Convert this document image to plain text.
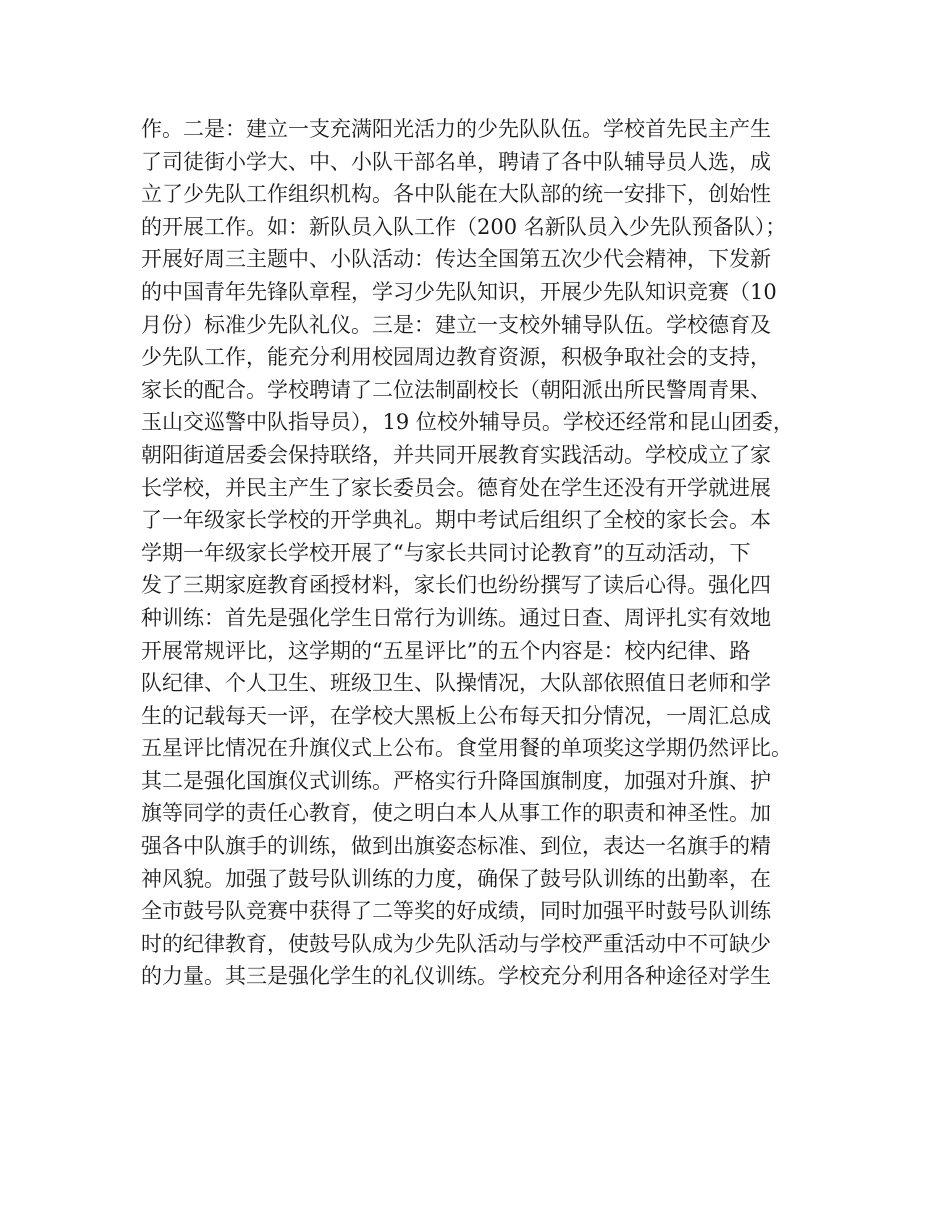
作。二是：建立一支充满阳光活力的少先队队伍。学校首先民主产生
了司徒街小学大、中、小队干部名单，聘请了各中队辅导员人选，成
立了少先队工作组织机构。各中队能在大队部的统一安排下，创始性
的开展工作。如：新队员入队工作（200 名新队员入少先队预备队）；
开展好周三主题中、小队活动：传达全国第五次少代会精神，下发新
的中国青年先锋队章程，学习少先队知识，开展少先队知识竞赛（10
月份）标准少先队礼仪。三是：建立一支校外辅导队伍。学校德育及
少先队工作，能充分利用校园周边教育资源，积极争取社会的支持，
家长的配合。学校聘请了二位法制副校长（朝阳派出所民警周青果、
玉山交巡警中队指导员），19 位校外辅导员。学校还经常和昆山团委，
朝阳街道居委会保持联络，并共同开展教育实践活动。学校成立了家
长学校，并民主产生了家长委员会。德育处在学生还没有开学就进展
了一年级家长学校的开学典礼。期中考试后组织了全校的家长会。本
学期一年级家长学校开展了“与家长共同讨论教育”的互动活动，下
发了三期家庭教育函授材料，家长们也纷纷撰写了读后心得。强化四
种训练：首先是强化学生日常行为训练。通过日查、周评扎实有效地
开展常规评比，这学期的“五星评比”的五个内容是：校内纪律、路
队纪律、个人卫生、班级卫生、队操情况，大队部依照值日老师和学
生的记载每天一评，在学校大黑板上公布每天扣分情况，一周汇总成
五星评比情况在升旗仪式上公布。食堂用餐的单项奖这学期仍然评比。
其二是强化国旗仪式训练。严格实行升降国旗制度，加强对升旗、护
旗等同学的责任心教育，使之明白本人从事工作的职责和神圣性。加
强各中队旗手的训练，做到出旗姿态标准、到位，表达一名旗手的精
神风貌。加强了鼓号队训练的力度，确保了鼓号队训练的出勤率，在
全市鼓号队竞赛中获得了二等奖的好成绩，同时加强平时鼓号队训练
时的纪律教育，使鼓号队成为少先队活动与学校严重活动中不可缺少
的力量。其三是强化学生的礼仪训练。学校充分利用各种途径对学生
